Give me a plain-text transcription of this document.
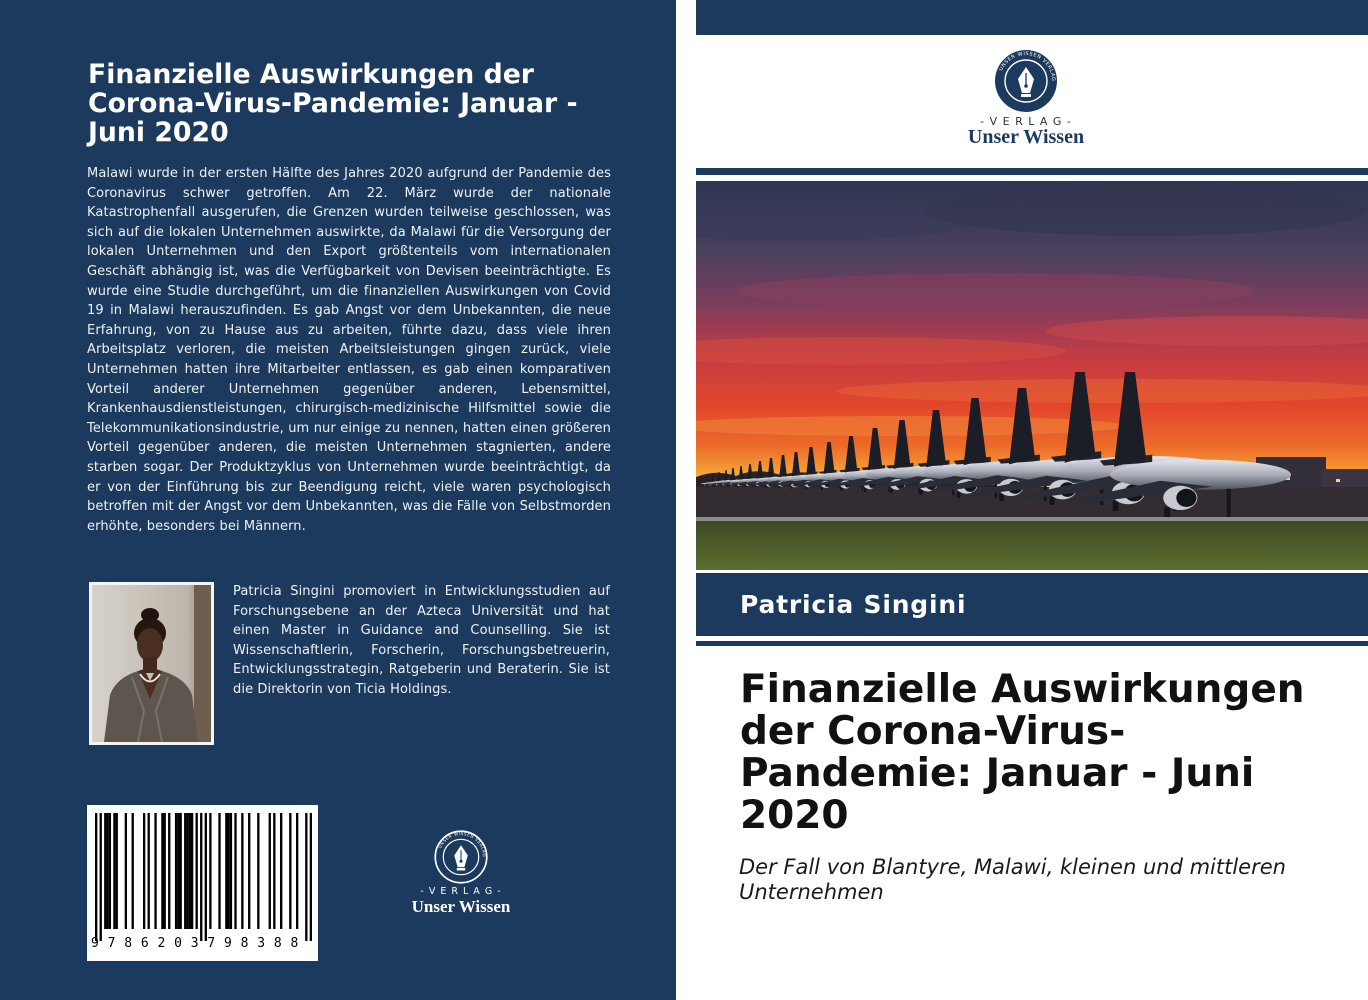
Finanzielle Auswirkungen der Corona-Virus-Pandemie: Januar - Juni 2020

Malawi wurde in der ersten Hälfte des Jahres 2020 aufgrund der Pandemie des Coronavirus schwer getroffen. Am 22. März wurde der nationale Katastrophenfall ausgerufen, die Grenzen wurden teilweise geschlossen, was sich auf die lokalen Unternehmen auswirkte, da Malawi für die Versorgung der lokalen Unternehmen und den Export größtenteils vom internationalen Geschäft abhängig ist, was die Verfügbarkeit von Devisen beeinträchtigte. Es wurde eine Studie durchgeführt, um die finanziellen Auswirkungen von Covid 19 in Malawi herauszufinden. Es gab Angst vor dem Unbekannten, die neue Erfahrung, von zu Hause aus zu arbeiten, führte dazu, dass viele ihren Arbeitsplatz verloren, die meisten Arbeitsleistungen gingen zurück, viele Unternehmen hatten ihre Mitarbeiter entlassen, es gab einen komparativen Vorteil anderer Unternehmen gegenüber anderen, Lebensmittel, Krankenhausdienstleistungen, chirurgisch-medizinische Hilfsmittel sowie die Telekommunikationsindustrie, um nur einige zu nennen, hatten einen größeren Vorteil gegenüber anderen, die meisten Unternehmen stagnierten, andere starben sogar. Der Produktzyklus von Unternehmen wurde beeinträchtigt, da er von der Einführung bis zur Beendigung reicht, viele waren psychologisch betroffen mit der Angst vor dem Unbekannten, was die Fälle von Selbstmorden erhöhte, besonders bei Männern.

Patricia Singini promoviert in Entwicklungsstudien auf Forschungsebene an der Azteca Universität und hat einen Master in Guidance and Counselling. Sie ist Wissenschaftlerin, Forscherin, Forschungsbetreuerin, Entwicklungsstrategin, Ratgeberin und Beraterin. Sie ist die Direktorin von Ticia Holdings.

9786203798388
UNSER WISSEN VERLAG
- V E R L A G -
Unser Wissen
UNSER WISSEN VERLAG
- V E R L A G -
Unser Wissen
Patricia Singini
Finanzielle Auswirkungen der Corona-Virus-Pandemie: Januar - Juni 2020

Der Fall von Blantyre, Malawi, kleinen und mittleren Unternehmen
